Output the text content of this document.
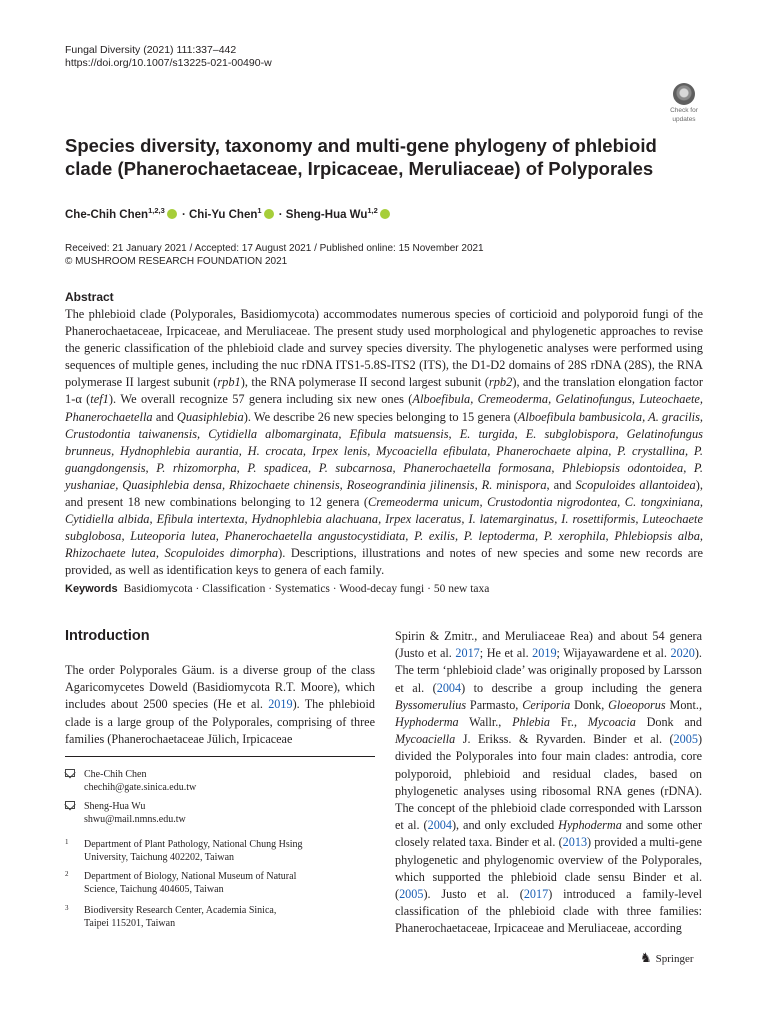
Fungal Diversity (2021) 111:337–442
https://doi.org/10.1007/s13225-021-00490-w
Check for
updates
Species diversity, taxonomy and multi-gene phylogeny of phlebioid clade (Phanerochaetaceae, Irpicaceae, Meruliaceae) of Polyporales
Che-Chih Chen$^{1,2,3}$ · Chi-Yu Chen$^1$ · Sheng-Hua Wu$^{1,2}$
Received: 21 January 2021 / Accepted: 17 August 2021 / Published online: 15 November 2021
© MUSHROOM RESEARCH FOUNDATION 2021
Abstract

The phlebioid clade (Polyporales, Basidiomycota) accommodates numerous species of corticioid and polyporoid fungi of the Phanerochaetaceae, Irpicaceae, and Meruliaceae. The present study used morphological and phylogenetic approaches to revise the generic classification of the phlebioid clade and survey species diversity. The phylogenetic analyses were performed using sequences of multiple genes, including the nuc rDNA ITS1-5.8S-ITS2 (ITS), the D1-D2 domains of 28S rDNA (28S), the RNA polymerase II largest subunit (rpb1), the RNA polymerase II second largest subunit (rpb2), and the translation elongation factor 1-α (tef1). We overall recognize 57 genera including six new ones (Alboefibula, Cremeoderma, Gelatinofungus, Luteochaete, Phanerochaetella and Quasiphlebia). We describe 26 new species belonging to 15 genera (Alboefibula bambusicola, A. gracilis, Crustodontia taiwanensis, Cytidiella albomarginata, Efibula matsuensis, E. turgida, E. subglobispora, Gelatinofungus brunneus, Hydnophlebia aurantia, H. crocata, Irpex lenis, Mycoaciella efibulata, Phanerochaete alpina, P. crystallina, P. guangdongensis, P. rhizomorpha, P. spadicea, P. subcarnosa, Phanerochaetella formosana, Phlebiopsis odontoidea, P. yushaniae, Quasiphlebia densa, Rhizochaete chinensis, Roseograndinia jilinensis, R. minispora, and Scopuloides allantoidea), and present 18 new combinations belonging to 12 genera (Cremeoderma unicum, Crustodontia nigrodontea, C. tongxiniana, Cytidiella albida, Efibula intertexta, Hydnophlebia alachuana, Irpex laceratus, I. latemarginatus, I. rosettiformis, Luteochaete subglobosa, Luteoporia lutea, Phanerochaetella angustocystidiata, P. exilis, P. leptoderma, P. xerophila, Phlebiopsis alba, Rhizochaete lutea, Scopuloides dimorpha). Descriptions, illustrations and notes of new species and some new records are provided, as well as identification keys to genera of each family.

Keywords Basidiomycota · Classification · Systematics · Wood-decay fungi · 50 new taxa
Introduction

The order Polyporales Gäum. is a diverse group of the class Agaricomycetes Doweld (Basidiomycota R.T. Moore), which includes about 2500 species (He et al. 2019). The phlebioid clade is a large group of the Polyporales, comprising of three families (Phanerochaetaceae Jülich, Irpicaceae

Spirin & Zmitr., and Meruliaceae Rea) and about 54 genera (Justo et al. 2017; He et al. 2019; Wijayawardene et al. 2020). The term ‘phlebioid clade’ was originally proposed by Larsson et al. (2004) to describe a group including the genera Byssomerulius Parmasto, Ceriporia Donk, Gloeoporus Mont., Hyphoderma Wallr., Phlebia Fr., Mycoacia Donk and Mycoaciella J. Erikss. & Ryvarden. Binder et al. (2005) divided the Polyporales into four main clades: antrodia, core polyporoid, phlebioid and residual clades, based on phylogenetic analyses using ribosomal RNA genes (rDNA). The concept of the phlebioid clade corresponded with Larsson et al. (2004), and only excluded Hyphoderma and some other closely related taxa. Binder et al. (2013) provided a multi-gene phylogenetic and phylogenomic overview of the Polyporales, which supported the phlebioid clade sensu Binder et al. (2005). Justo et al. (2017) introduced a family-level classification of the phlebioid clade with three families: Phanerochaetaceae, Irpicaceae and Meruliaceae, according

Che-Chih Chen
chechih@gate.sinica.edu.tw
Sheng-Hua Wu
shwu@mail.nmns.edu.tw
1 Department of Plant Pathology, National Chung Hsing
University, Taichung 402202, Taiwan
2 Department of Biology, National Museum of Natural
Science, Taichung 404605, Taiwan
3 Biodiversity Research Center, Academia Sinica,
Taipei 115201, Taiwan
♞ Springer
